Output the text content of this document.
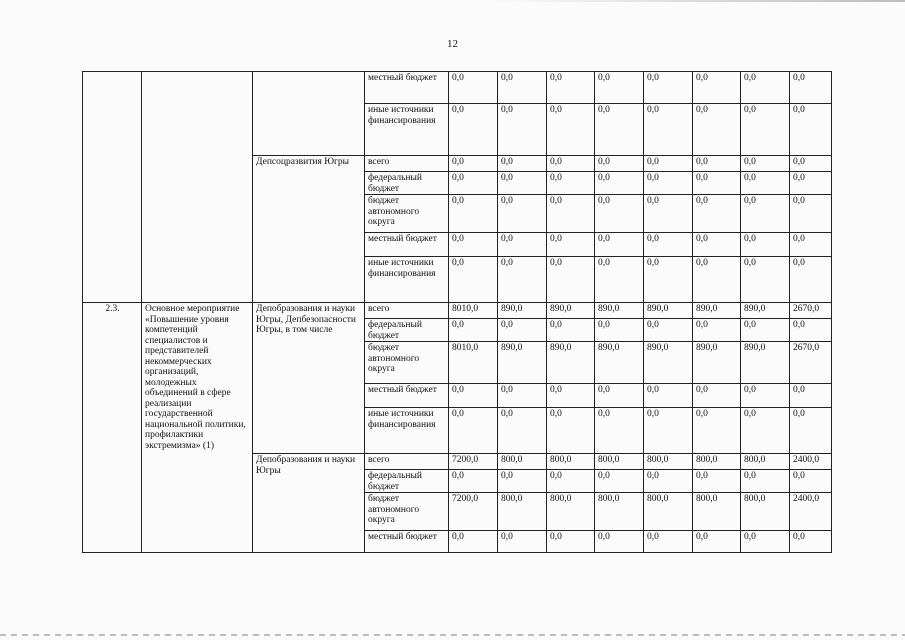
12
			местный бюджет	0,0	0,0	0,0	0,0	0,0	0,0	0,0	0,0
			иные источники финансирования	0,0	0,0	0,0	0,0	0,0	0,0	0,0	0,0
		Депсоцразвития Югры	всего	0,0	0,0	0,0	0,0	0,0	0,0	0,0	0,0
			федеральный бюджет	0,0	0,0	0,0	0,0	0,0	0,0	0,0	0,0
			бюджет автономного округа	0,0	0,0	0,0	0,0	0,0	0,0	0,0	0,0
			местный бюджет	0,0	0,0	0,0	0,0	0,0	0,0	0,0	0,0
			иные источники финансирования	0,0	0,0	0,0	0,0	0,0	0,0	0,0	0,0
2.3.	Основное мероприятие «Повышение уровня компетенций специалистов и представителей некоммерческих организаций, молодежных объединений в сфере реализации государственной национальной политики, профилактики экстремизма» (1)	Депобразования и науки Югры, Депбезопасности Югры, в том числе	всего	8010,0	890,0	890,0	890,0	890,0	890,0	890,0	2670,0
			федеральный бюджет	0,0	0,0	0,0	0,0	0,0	0,0	0,0	0,0
			бюджет автономного округа	8010,0	890,0	890,0	890,0	890,0	890,0	890,0	2670,0
			местный бюджет	0,0	0,0	0,0	0,0	0,0	0,0	0,0	0,0
			иные источники финансирования	0,0	0,0	0,0	0,0	0,0	0,0	0,0	0,0
		Депобразования и науки Югры	всего	7200,0	800,0	800,0	800,0	800,0	800,0	800,0	2400,0
			федеральный бюджет	0,0	0,0	0,0	0,0	0,0	0,0	0,0	0,0
			бюджет автономного округа	7200,0	800,0	800,0	800,0	800,0	800,0	800,0	2400,0
			местный бюджет	0,0	0,0	0,0	0,0	0,0	0,0	0,0	0,0
